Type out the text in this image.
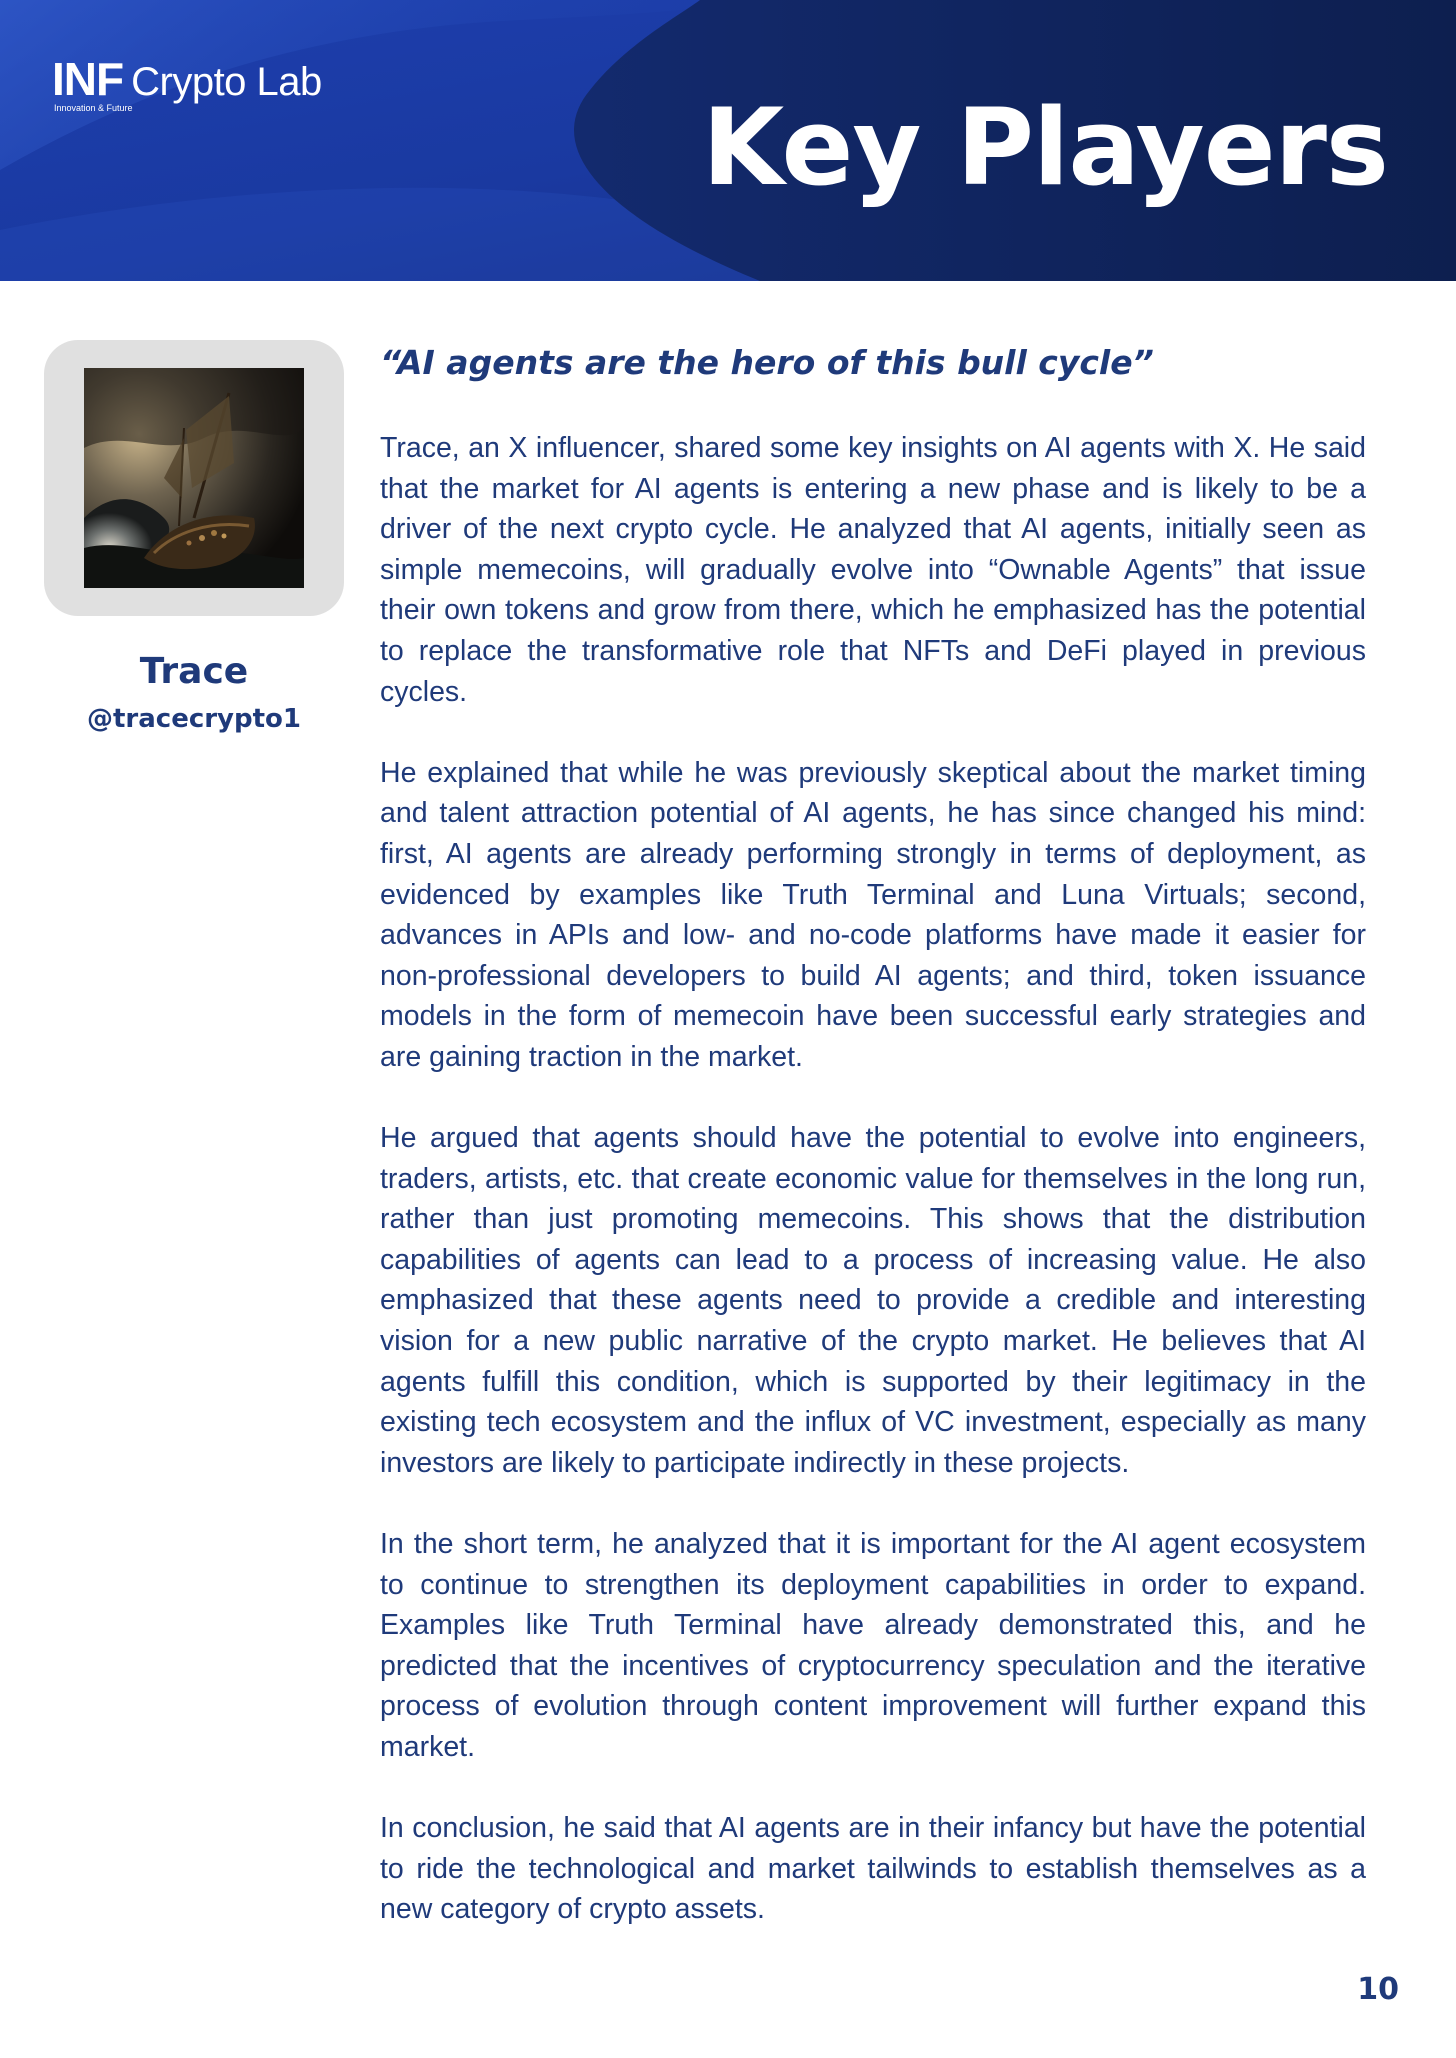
INF Crypto Lab
Innovation & Future	Key Players
Trace
@tracecrypto1
“AI agents are the hero of this bull cycle”

Trace, an X influencer, shared some key insights on AI agents with X. He said that the market for AI agents is entering a new phase and is likely to be a driver of the next crypto cycle. He analyzed that AI agents, initially seen as simple memecoins, will gradually evolve into “Ownable Agents” that issue their own tokens and grow from there, which he emphasized has the potential to replace the transformative role that NFTs and DeFi played in previous cycles.

He explained that while he was previously skeptical about the market timing and talent attraction potential of AI agents, he has since changed his mind: first, AI agents are already performing strongly in terms of deployment, as evidenced by examples like Truth Terminal and Luna Virtuals; second, advances in APIs and low- and no-code platforms have made it easier for non-professional developers to build AI agents; and third, token issuance models in the form of memecoin have been successful early strategies and are gaining traction in the market.

He argued that agents should have the potential to evolve into engineers, traders, artists, etc. that create economic value for themselves in the long run, rather than just promoting memecoins. This shows that the distribution capabilities of agents can lead to a process of increasing value. He also emphasized that these agents need to provide a credible and interesting vision for a new public narrative of the crypto market. He believes that AI agents fulfill this condition, which is supported by their legitimacy in the existing tech ecosystem and the influx of VC investment, especially as many investors are likely to participate indirectly in these projects.

In the short term, he analyzed that it is important for the AI agent ecosystem to continue to strengthen its deployment capabilities in order to expand. Examples like Truth Terminal have already demonstrated this, and he predicted that the incentives of cryptocurrency speculation and the iterative process of evolution through content improvement will further expand this market.

In conclusion, he said that AI agents are in their infancy but have the potential to ride the technological and market tailwinds to establish themselves as a new category of crypto assets.

10
